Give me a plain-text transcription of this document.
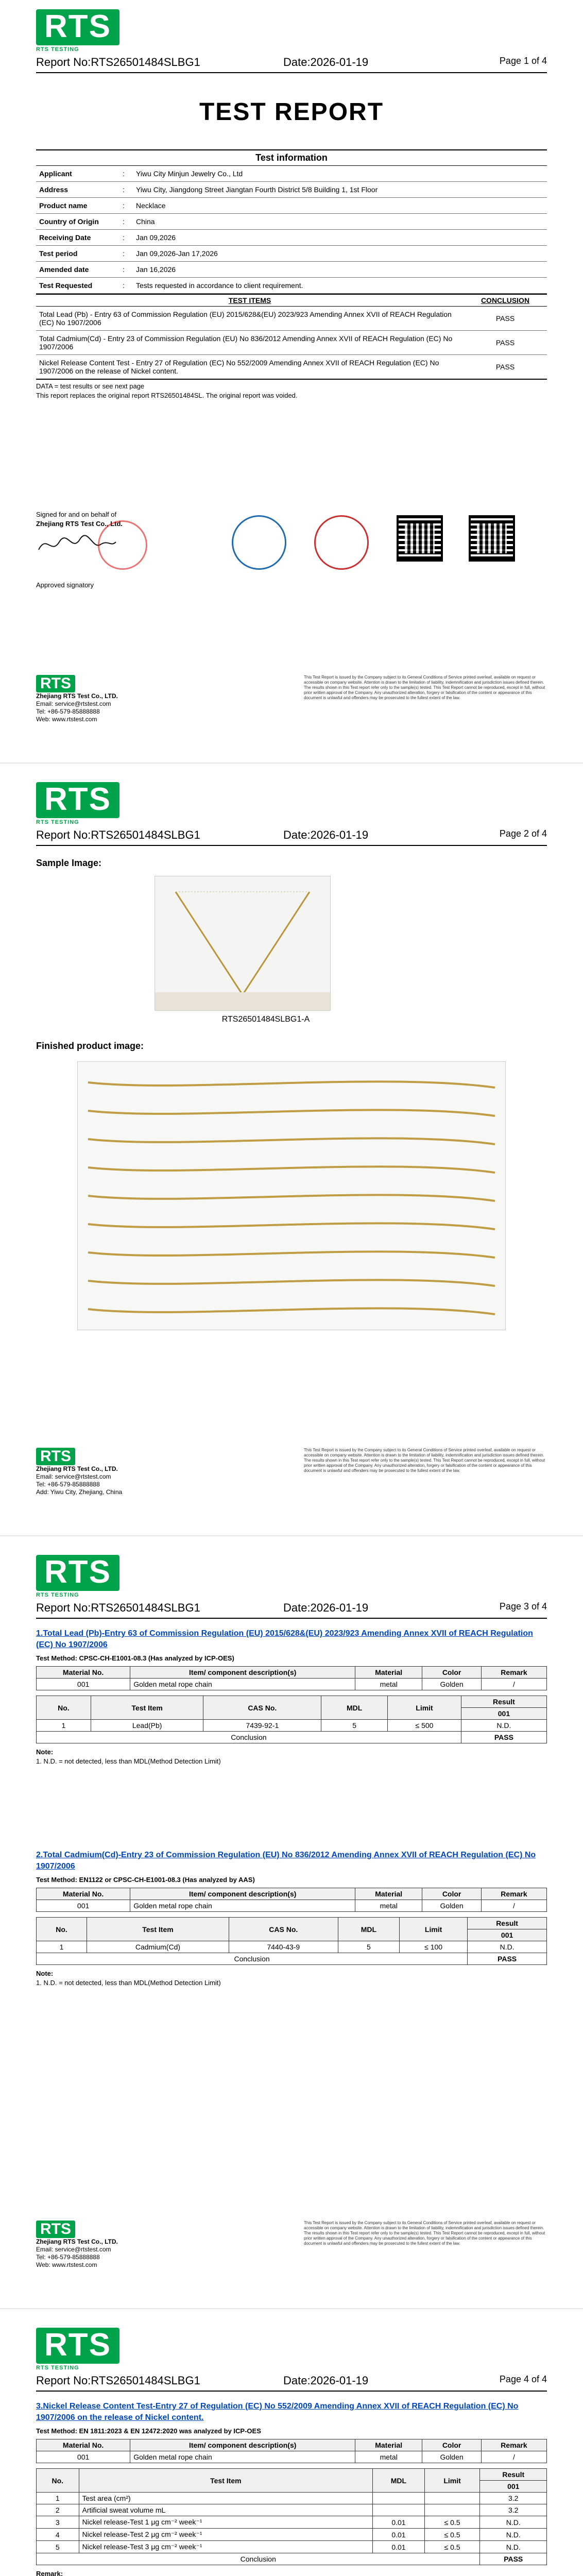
RTS
RTS TESTING
Report No:RTS26501484SLBG1	Date:2026-01-19	Page 1 of 4
TEST REPORT
Test information
Applicant	:	Yiwu City Minjun Jewelry Co., Ltd
Address	:	Yiwu City, Jiangdong Street Jiangtan Fourth District 5/8 Building 1, 1st Floor
Product name	:	Necklace
Country of Origin	:	China
Receiving Date	:	Jan 09,2026
Test period	:	Jan 09,2026-Jan 17,2026
Amended date	:	Jan 16,2026
Test Requested	:	Tests requested in accordance to client requirement.
TEST ITEMS	CONCLUSION
Total Lead (Pb) - Entry 63 of Commission Regulation (EU) 2015/628&(EU) 2023/923 Amending Annex XVII of REACH Regulation (EC) No 1907/2006	PASS
Total Cadmium(Cd) - Entry 23 of Commission Regulation (EU) No 836/2012 Amending Annex XVII of REACH Regulation (EC) No 1907/2006	PASS
Nickel Release Content Test - Entry 27 of Regulation (EC) No 552/2009 Amending Annex XVII of REACH Regulation (EC) No 1907/2006 on the release of Nickel content.	PASS
DATA = test results or see next page
This report replaces the original report RTS26501484SL. The original report was voided.
Signed for and on behalf of
Zhejiang RTS Test Co., Ltd.
Approved signatory
RTS
Zhejiang RTS Test Co., LTD.
Email: service@rtstest.com
Tel: +86-579-85888888
Web: www.rtstest.com
This Test Report is issued by the Company subject to its General Conditions of Service printed overleaf, available on request or accessible on company website. Attention is drawn to the limitation of liability, indemnification and jurisdiction issues defined therein. The results shown in this Test report refer only to the sample(s) tested. This Test Report cannot be reproduced, except in full, without prior written approval of the Company. Any unauthorized alteration, forgery or falsification of the content or appearance of this document is unlawful and offenders may be prosecuted to the fullest extent of the law.
RTS
RTS TESTING
Report No:RTS26501484SLBG1	Date:2026-01-19	Page 2 of 4
Sample Image:
RTS26501484SLBG1-A
Finished product image:
RTS
Zhejiang RTS Test Co., LTD.
Email: service@rtstest.com
Tel: +86-579-85888888
Add: Yiwu City, Zhejiang, China
This Test Report is issued by the Company subject to its General Conditions of Service printed overleaf, available on request or accessible on company website. Attention is drawn to the limitation of liability, indemnification and jurisdiction issues defined therein. The results shown in this Test report refer only to the sample(s) tested. This Test Report cannot be reproduced, except in full, without prior written approval of the Company. Any unauthorized alteration, forgery or falsification of the content or appearance of this document is unlawful and offenders may be prosecuted to the fullest extent of the law.
RTS
RTS TESTING
Report No:RTS26501484SLBG1	Date:2026-01-19	Page 3 of 4
1.Total Lead (Pb)-Entry 63 of Commission Regulation (EU) 2015/628&(EU) 2023/923 Amending Annex XVII of REACH Regulation (EC) No 1907/2006
Test Method: CPSC-CH-E1001-08.3 (Has analyzed by ICP-OES)
Material No.	Item/ component description(s)	Material	Color	Remark
001	Golden metal rope chain	metal	Golden	/
No.	Test Item	CAS No.	MDL	Limit	Result
					001
1	Lead(Pb)	7439-92-1	5	≤ 500	N.D.
Conclusion					PASS
Note:
1. N.D. = not detected, less than MDL(Method Detection Limit)
2.Total Cadmium(Cd)-Entry 23 of Commission Regulation (EU) No 836/2012 Amending Annex XVII of REACH Regulation (EC) No 1907/2006
Test Method: EN1122 or CPSC-CH-E1001-08.3 (Has analyzed by AAS)
Material No.	Item/ component description(s)	Material	Color	Remark
001	Golden metal rope chain	metal	Golden	/
No.	Test Item	CAS No.	MDL	Limit	Result
					001
1	Cadmium(Cd)	7440-43-9	5	≤ 100	N.D.
Conclusion					PASS
Note:
1. N.D. = not detected, less than MDL(Method Detection Limit)
RTS
Zhejiang RTS Test Co., LTD.
Email: service@rtstest.com
Tel: +86-579-85888888
Web: www.rtstest.com
This Test Report is issued by the Company subject to its General Conditions of Service printed overleaf, available on request or accessible on company website. Attention is drawn to the limitation of liability, indemnification and jurisdiction issues defined therein. The results shown in this Test report refer only to the sample(s) tested. This Test Report cannot be reproduced, except in full, without prior written approval of the Company. Any unauthorized alteration, forgery or falsification of the content or appearance of this document is unlawful and offenders may be prosecuted to the fullest extent of the law.
RTS
RTS TESTING
Report No:RTS26501484SLBG1	Date:2026-01-19	Page 4 of 4
3.Nickel Release Content Test-Entry 27 of Regulation (EC) No 552/2009 Amending Annex XVII of REACH Regulation (EC) No 1907/2006 on the release of Nickel content.
Test Method: EN 1811:2023 & EN 12472:2020 was analyzed by ICP-OES
Material No.	Item/ component description(s)	Material	Color	Remark
001	Golden metal rope chain	metal	Golden	/
No.	Test Item	MDL	Limit	Result
				001
1	Test area (cm²)			3.2
2	Artificial sweat volume mL			3.2
3	Nickel release-Test 1 μg cm⁻² week⁻¹	0.01	≤ 0.5	N.D.
4	Nickel release-Test 2 μg cm⁻² week⁻¹	0.01	≤ 0.5	N.D.
5	Nickel release-Test 3 μg cm⁻² week⁻¹	0.01	≤ 0.5	N.D.
Conclusion				PASS
Remark:
